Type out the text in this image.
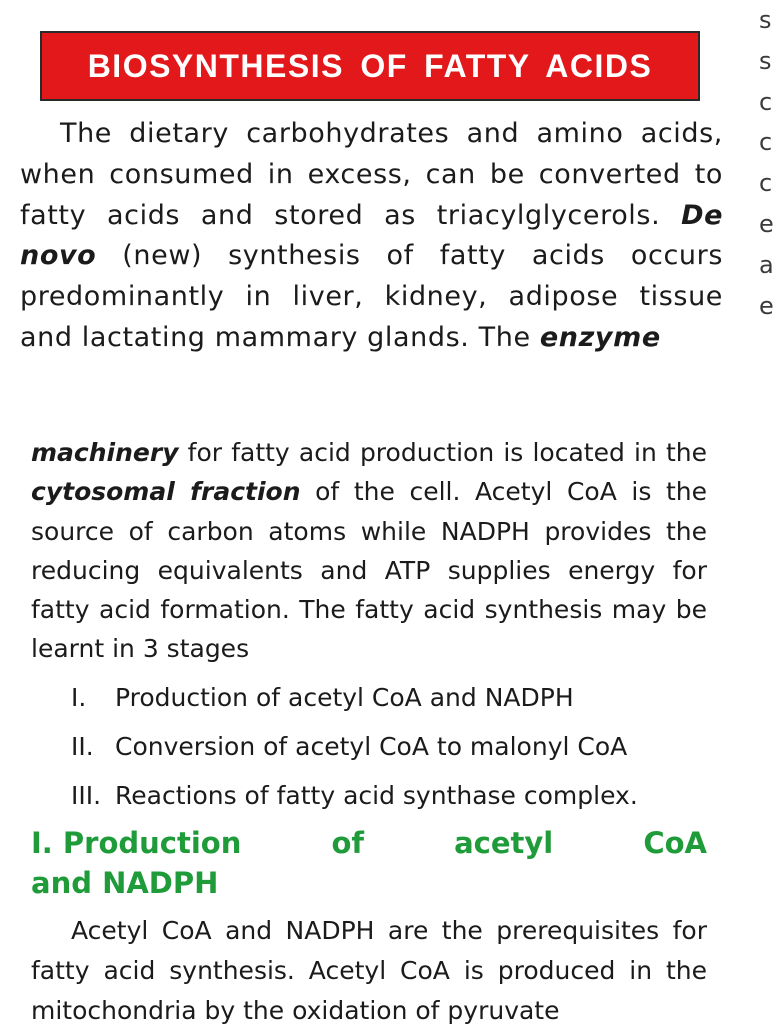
BIOSYNTHESIS OF FATTY ACIDS

The dietary carbohydrates and amino acids, when consumed in excess, can be converted to fatty acids and stored as triacylglycerols. De novo (new) synthesis of fatty acids occurs predominantly in liver, kidney, adipose tissue and lactating mammary glands. The enzyme

machinery for fatty acid production is located in the cytosomal fraction of the cell. Acetyl CoA is the source of carbon atoms while NADPH provides the reducing equivalents and ATP supplies energy for fatty acid formation. The fatty acid synthesis may be learnt in 3 stages

I. Production of acetyl CoA and NADPH
II. Conversion of acetyl CoA to malonyl CoA
III. Reactions of fatty acid synthase complex.
I. Production	of	acetyl	CoA
and NADPH

Acetyl CoA and NADPH are the prerequisites for fatty acid synthesis. Acetyl CoA is produced in the mitochondria by the oxidation of pyruvate

s
s
c
c
c
e
a
e
